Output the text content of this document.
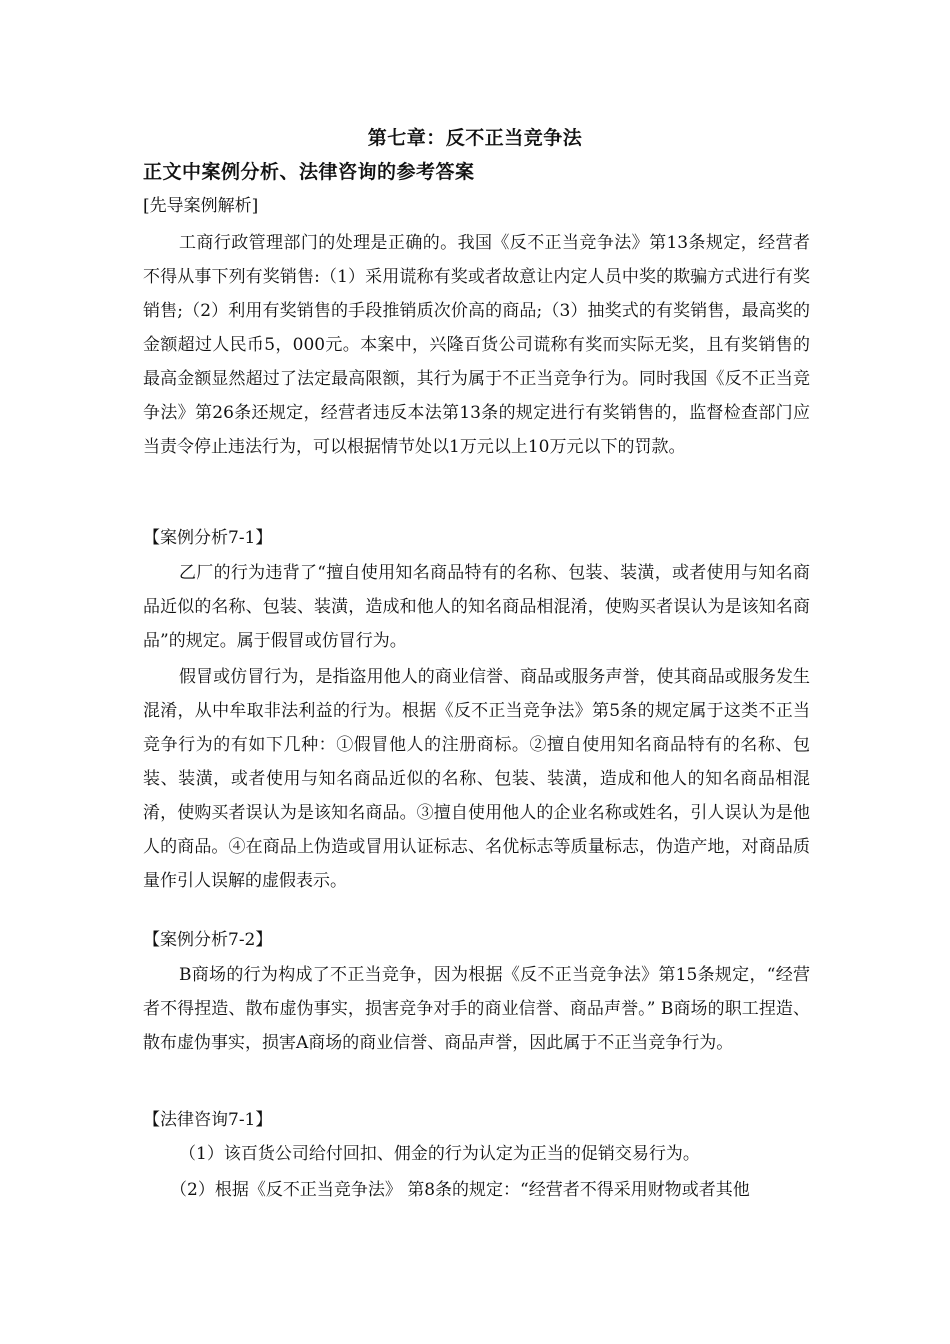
第七章：反不正当竞争法
正文中案例分析、法律咨询的参考答案
[先导案例解析]
工商行政管理部门的处理是正确的。我国《反不正当竞争法》第13条规定，经营者不得从事下列有奖销售:（1）采用谎称有奖或者故意让内定人员中奖的欺骗方式进行有奖销售;（2）利用有奖销售的手段推销质次价高的商品;（3）抽奖式的有奖销售，最高奖的金额超过人民币5，000元。本案中，兴隆百货公司谎称有奖而实际无奖，且有奖销售的最高金额显然超过了法定最高限额，其行为属于不正当竞争行为。同时我国《反不正当竞争法》第26条还规定，经营者违反本法第13条的规定进行有奖销售的，监督检查部门应当责令停止违法行为，可以根据情节处以1万元以上10万元以下的罚款。
【案例分析7-1】
乙厂的行为违背了“擅自使用知名商品特有的名称、包装、装潢，或者使用与知名商品近似的名称、包装、装潢，造成和他人的知名商品相混淆，使购买者误认为是该知名商品”的规定。属于假冒或仿冒行为。
假冒或仿冒行为，是指盗用他人的商业信誉、商品或服务声誉，使其商品或服务发生混淆，从中牟取非法利益的行为。根据《反不正当竞争法》第5条的规定属于这类不正当竞争行为的有如下几种：①假冒他人的注册商标。②擅自使用知名商品特有的名称、包装、装潢，或者使用与知名商品近似的名称、包装、装潢，造成和他人的知名商品相混淆，使购买者误认为是该知名商品。③擅自使用他人的企业名称或姓名，引人误认为是他人的商品。④在商品上伪造或冒用认证标志、名优标志等质量标志，伪造产地，对商品质量作引人误解的虚假表示。
【案例分析7-2】
B商场的行为构成了不正当竞争，因为根据《反不正当竞争法》第15条规定，“经营者不得捏造、散布虚伪事实，损害竞争对手的商业信誉、商品声誉。” B商场的职工捏造、散布虚伪事实，损害A商场的商业信誉、商品声誉，因此属于不正当竞争行为。
【法律咨询7-1】
（1）该百货公司给付回扣、佣金的行为认定为正当的促销交易行为。
（2）根据《反不正当竞争法》 第8条的规定：“经营者不得采用财物或者其他
